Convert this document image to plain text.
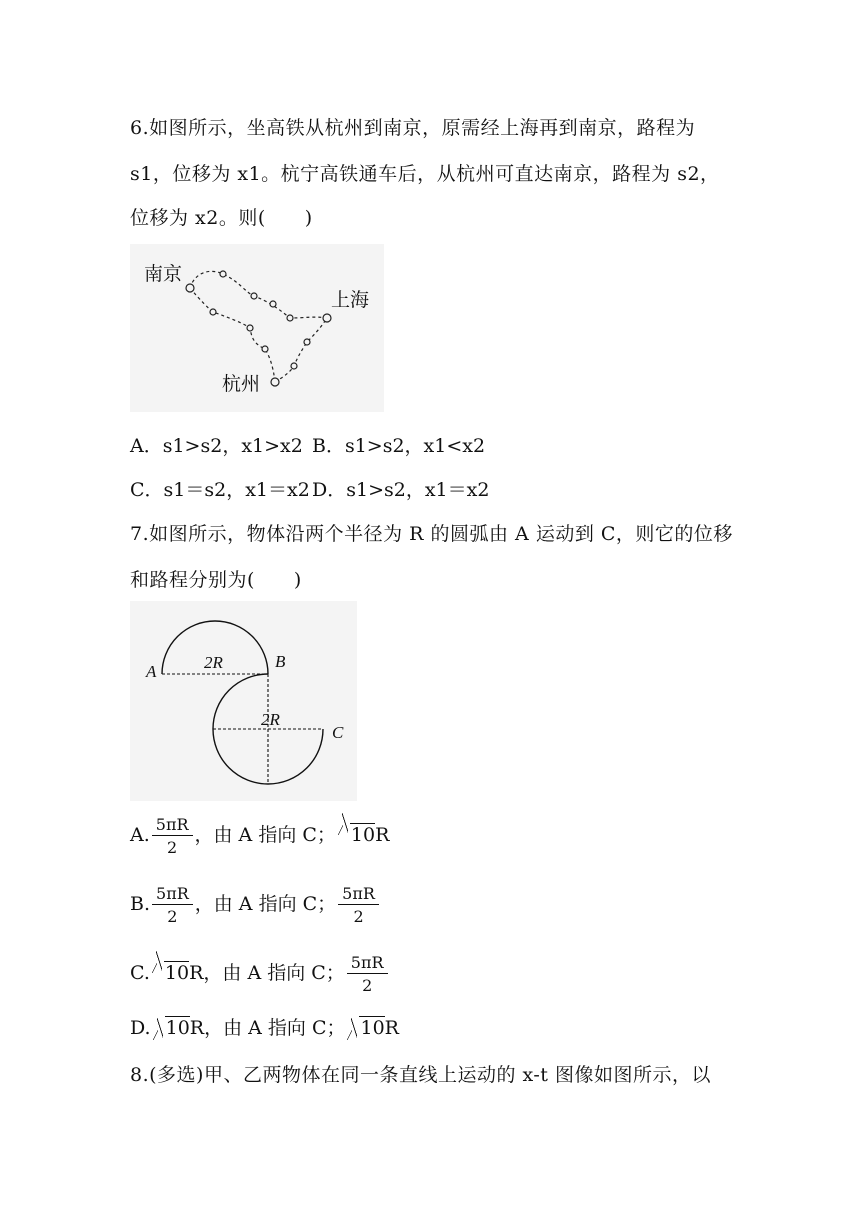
6.如图所示，坐高铁从杭州到南京，原需经上海再到南京，路程为
s1，位移为 x1。杭宁高铁通车后，从杭州可直达南京，路程为 s2，
位移为 x2。则(　　)
南京
上海
杭州
A．s1>s2，x1>x2 B．s1>s2，x1<x2
C．s1＝s2，x1＝x2 D．s1>s2，x1＝x2
7.如图所示，物体沿两个半径为 R 的圆弧由 A 运动到 C，则它的位移
和路程分别为(　　)
A
B
C
2R
2R
A. $\frac{5\pi R}{2}$ ，由 A 指向 C； 10R
B. $\frac{5\pi R}{2}$ ，由 A 指向 C； $\frac{5\pi R}{2}$
C. 10R，由 A 指向 C； $\frac{5\pi R}{2}$
D. 10R，由 A 指向 C； 10R
8.(多选)甲、乙两物体在同一条直线上运动的 x-t 图像如图所示，以
